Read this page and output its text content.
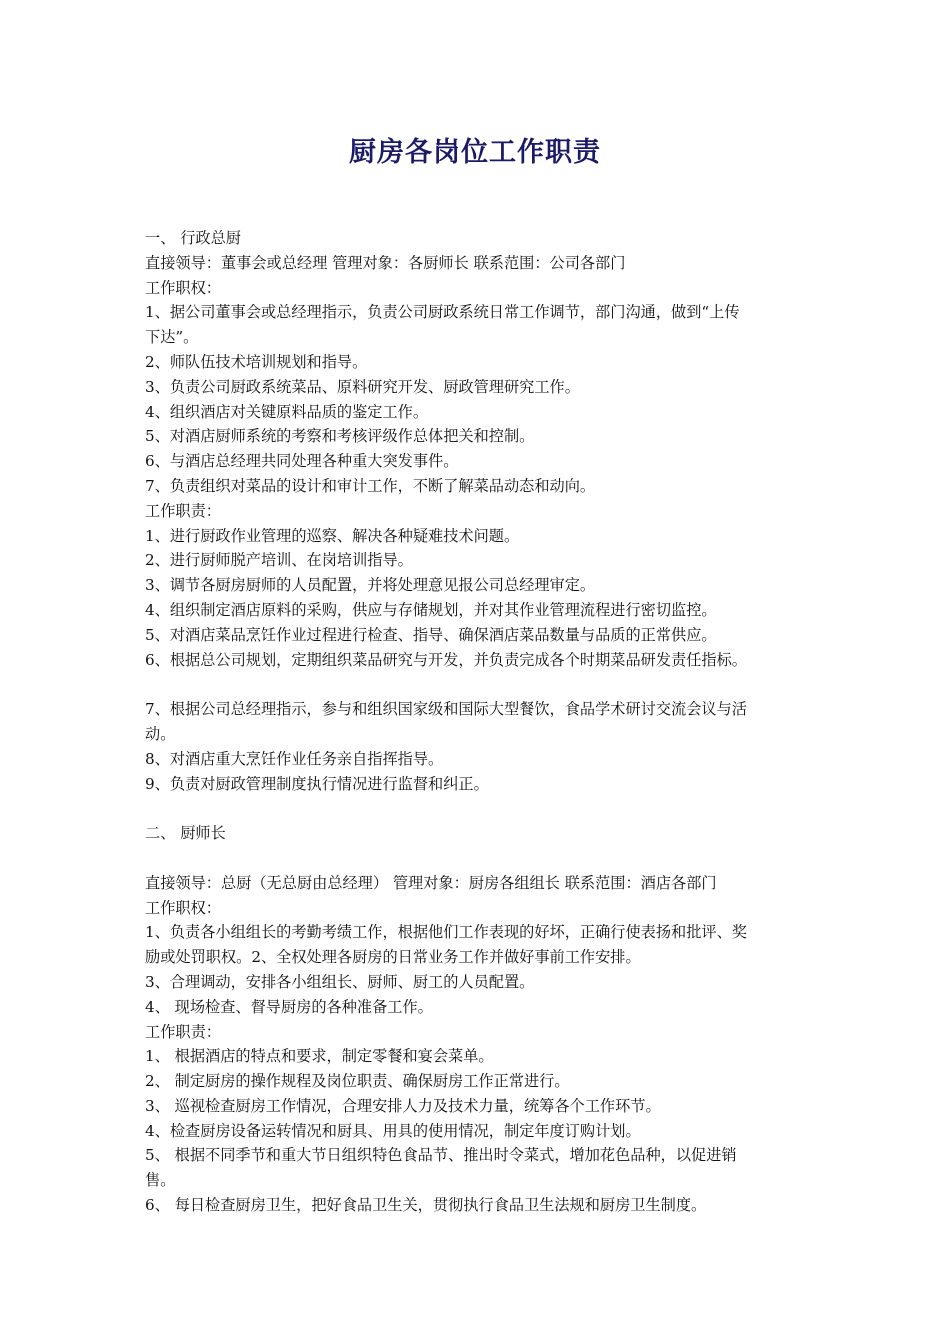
厨房各岗位工作职责
一、 行政总厨
直接领导：董事会或总经理 管理对象：各厨师长 联系范围：公司各部门
工作职权：
1、据公司董事会或总经理指示，负责公司厨政系统日常工作调节，部门沟通，做到“上传
下达”。
2、师队伍技术培训规划和指导。
3、负责公司厨政系统菜品、原料研究开发、厨政管理研究工作。
4、组织酒店对关键原料品质的鉴定工作。
5、对酒店厨师系统的考察和考核评级作总体把关和控制。
6、与酒店总经理共同处理各种重大突发事件。
7、负责组织对菜品的设计和审计工作，不断了解菜品动态和动向。
工作职责：
1、进行厨政作业管理的巡察、解决各种疑难技术问题。
2、进行厨师脱产培训、在岗培训指导。
3、调节各厨房厨师的人员配置，并将处理意见报公司总经理审定。
4、组织制定酒店原料的采购，供应与存储规划，并对其作业管理流程进行密切监控。
5、对酒店菜品烹饪作业过程进行检查、指导、确保酒店菜品数量与品质的正常供应。
6、根据总公司规划，定期组织菜品研究与开发，并负责完成各个时期菜品研发责任指标。
7、根据公司总经理指示，参与和组织国家级和国际大型餐饮，食品学术研讨交流会议与活
动。
8、对酒店重大烹饪作业任务亲自指挥指导。
9、负责对厨政管理制度执行情况进行监督和纠正。
二、 厨师长
直接领导：总厨（无总厨由总经理） 管理对象：厨房各组组长 联系范围：酒店各部门
工作职权：
1、负责各小组组长的考勤考绩工作，根据他们工作表现的好坏，正确行使表扬和批评、奖
励或处罚职权。2、全权处理各厨房的日常业务工作并做好事前工作安排。
3、合理调动，安排各小组组长、厨师、厨工的人员配置。
4、 现场检查、督导厨房的各种准备工作。
工作职责：
1、 根据酒店的特点和要求，制定零餐和宴会菜单。
2、 制定厨房的操作规程及岗位职责、确保厨房工作正常进行。
3、 巡视检查厨房工作情况，合理安排人力及技术力量，统筹各个工作环节。
4、检查厨房设备运转情况和厨具、用具的使用情况，制定年度订购计划。
5、 根据不同季节和重大节日组织特色食品节、推出时令菜式，增加花色品种，以促进销
售。
6、 每日检查厨房卫生，把好食品卫生关，贯彻执行食品卫生法规和厨房卫生制度。
